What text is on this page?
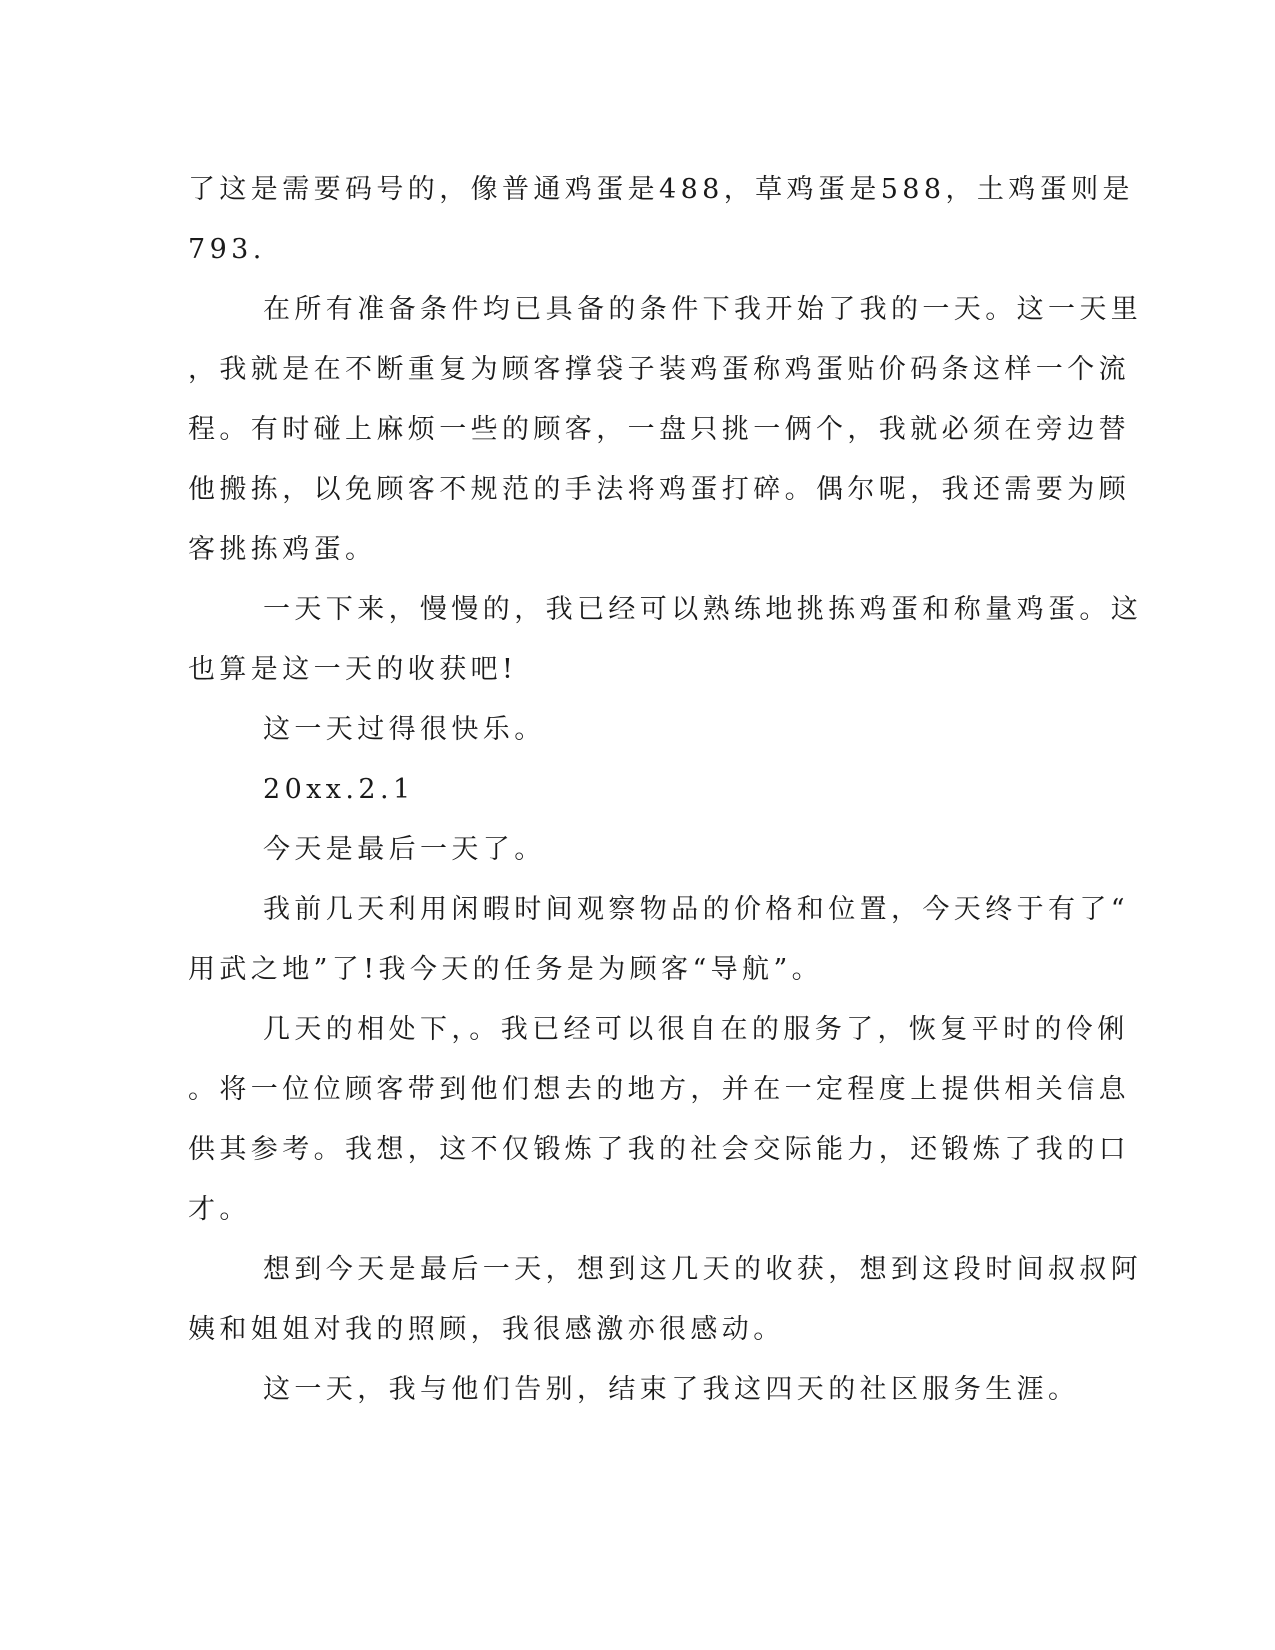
了这是需要码号的，像普通鸡蛋是488，草鸡蛋是588，土鸡蛋则是
793.
在所有准备条件均已具备的条件下我开始了我的一天。这一天里
，我就是在不断重复为顾客撑袋子装鸡蛋称鸡蛋贴价码条这样一个流
程。有时碰上麻烦一些的顾客，一盘只挑一俩个，我就必须在旁边替
他搬拣，以免顾客不规范的手法将鸡蛋打碎。偶尔呢，我还需要为顾
客挑拣鸡蛋。
一天下来，慢慢的，我已经可以熟练地挑拣鸡蛋和称量鸡蛋。这
也算是这一天的收获吧!
这一天过得很快乐。
20xx.2.1
今天是最后一天了。
我前几天利用闲暇时间观察物品的价格和位置，今天终于有了“
用武之地”了!我今天的任务是为顾客“导航”。
几天的相处下，。我已经可以很自在的服务了，恢复平时的伶俐
。将一位位顾客带到他们想去的地方，并在一定程度上提供相关信息
供其参考。我想，这不仅锻炼了我的社会交际能力，还锻炼了我的口
才。
想到今天是最后一天，想到这几天的收获，想到这段时间叔叔阿
姨和姐姐对我的照顾，我很感激亦很感动。
这一天，我与他们告别，结束了我这四天的社区服务生涯。
